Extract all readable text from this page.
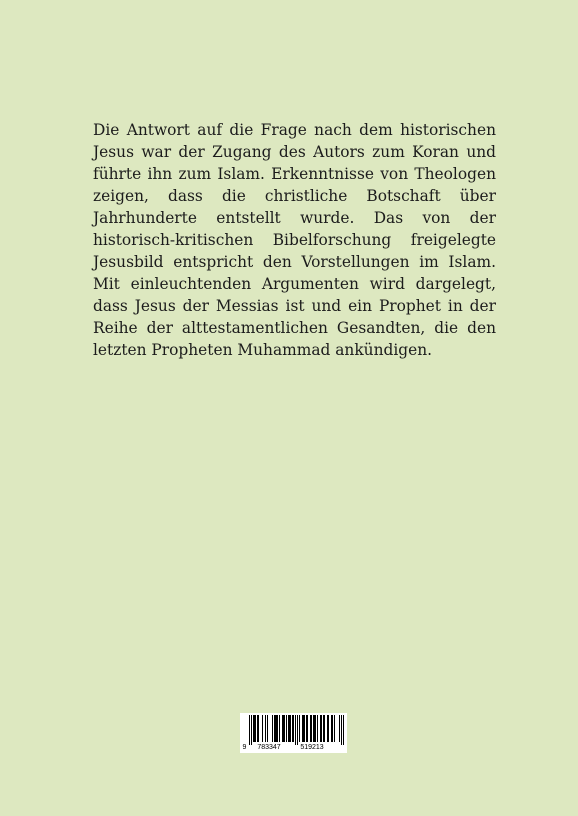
Die Antwort auf die Frage nach dem historischen Jesus war der Zugang des Autors zum Koran und führte ihn zum Islam. Erkenntnisse von Theologen zeigen, dass die christliche Botschaft über Jahrhunderte entstellt wurde. Das von der historisch-kritischen Bibelforschung freigelegte Jesusbild entspricht den Vorstellungen im Islam. Mit einleuchtenden Argumenten wird dargelegt, dass Jesus der Messias ist und ein Prophet in der Reihe der alttestamentlichen Gesandten, die den letzten Propheten Muhammad ankündigen.

9 783347	519213
